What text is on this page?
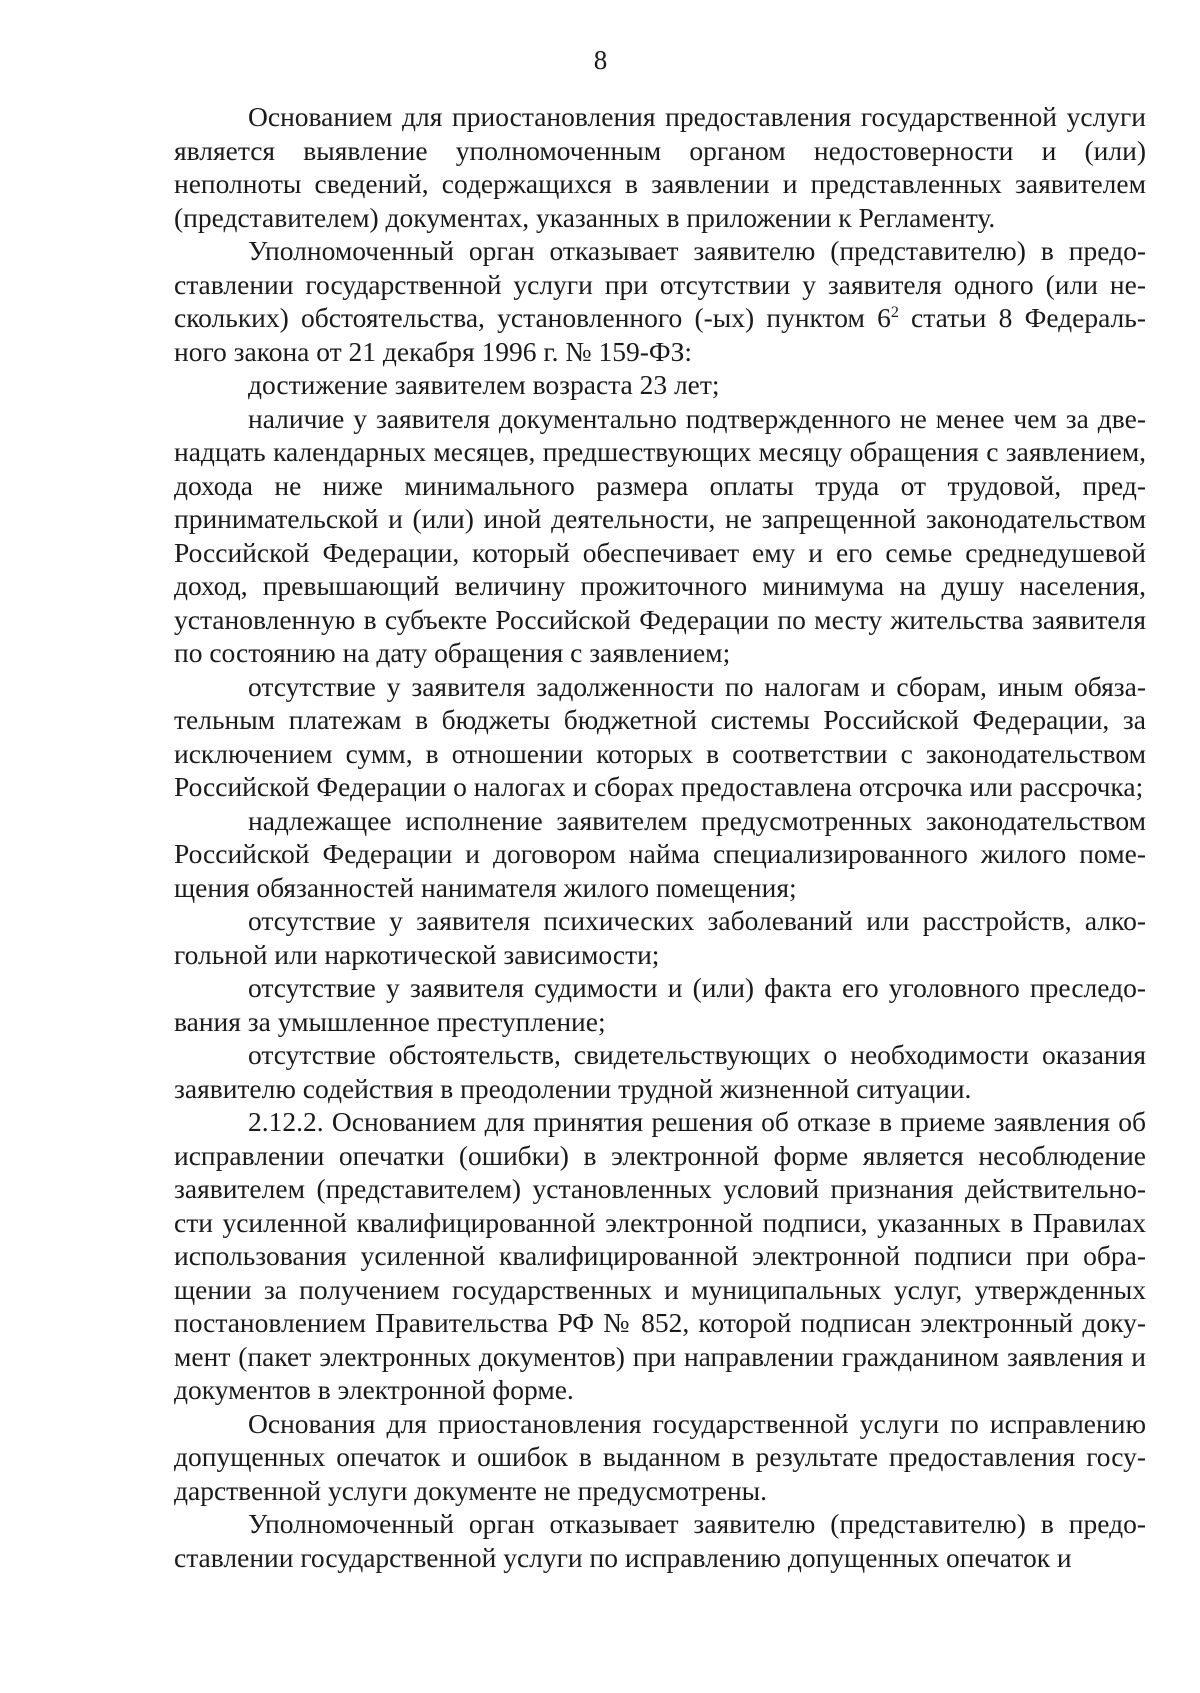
8

Основанием для приостановления предоставления государственной услуги является выявление уполномоченным органом недостоверности и (или) неполноты сведений, содержащихся в заявлении и представленных заявителем (представителем) документах, указанных в приложении к Регламенту.

Уполномоченный орган отказывает заявителю (представителю) в предоставлении государственной услуги при отсутствии у заявителя одного (или нескольких) обстоятельства, установленного (-ых) пунктом $6^2$ статьи 8 Федерального закона от 21 декабря 1996 г. № 159-ФЗ:

достижение заявителем возраста 23 лет;

наличие у заявителя документально подтвержденного не менее чем за двенадцать календарных месяцев, предшествующих месяцу обращения с заявлением, дохода не ниже минимального размера оплаты труда от трудовой, предпринимательской и (или) иной деятельности, не запрещенной законодательством Российской Федерации, который обеспечивает ему и его семье среднедушевой доход, превышающий величину прожиточного минимума на душу населения, установленную в субъекте Российской Федерации по месту жительства заявителя по состоянию на дату обращения с заявлением;

отсутствие у заявителя задолженности по налогам и сборам, иным обязательным платежам в бюджеты бюджетной системы Российской Федерации, за исключением сумм, в отношении которых в соответствии с законодательством Российской Федерации о налогах и сборах предоставлена отсрочка или рассрочка;

надлежащее исполнение заявителем предусмотренных законодательством Российской Федерации и договором найма специализированного жилого помещения обязанностей нанимателя жилого помещения;

отсутствие у заявителя психических заболеваний или расстройств, алкогольной или наркотической зависимости;

отсутствие у заявителя судимости и (или) факта его уголовного преследования за умышленное преступление;

отсутствие обстоятельств, свидетельствующих о необходимости оказания заявителю содействия в преодолении трудной жизненной ситуации.

2.12.2. Основанием для принятия решения об отказе в приеме заявления об исправлении опечатки (ошибки) в электронной форме является несоблюдение заявителем (представителем) установленных условий признания действительности усиленной квалифицированной электронной подписи, указанных в Правилах использования усиленной квалифицированной электронной подписи при обращении за получением государственных и муниципальных услуг, утвержденных постановлением Правительства РФ № 852, которой подписан электронный документ (пакет электронных документов) при направлении гражданином заявления и документов в электронной форме.

Основания для приостановления государственной услуги по исправлению допущенных опечаток и ошибок в выданном в результате предоставления государственной услуги документе не предусмотрены.

Уполномоченный орган отказывает заявителю (представителю) в предоставлении государственной услуги по исправлению допущенных опечаток и
